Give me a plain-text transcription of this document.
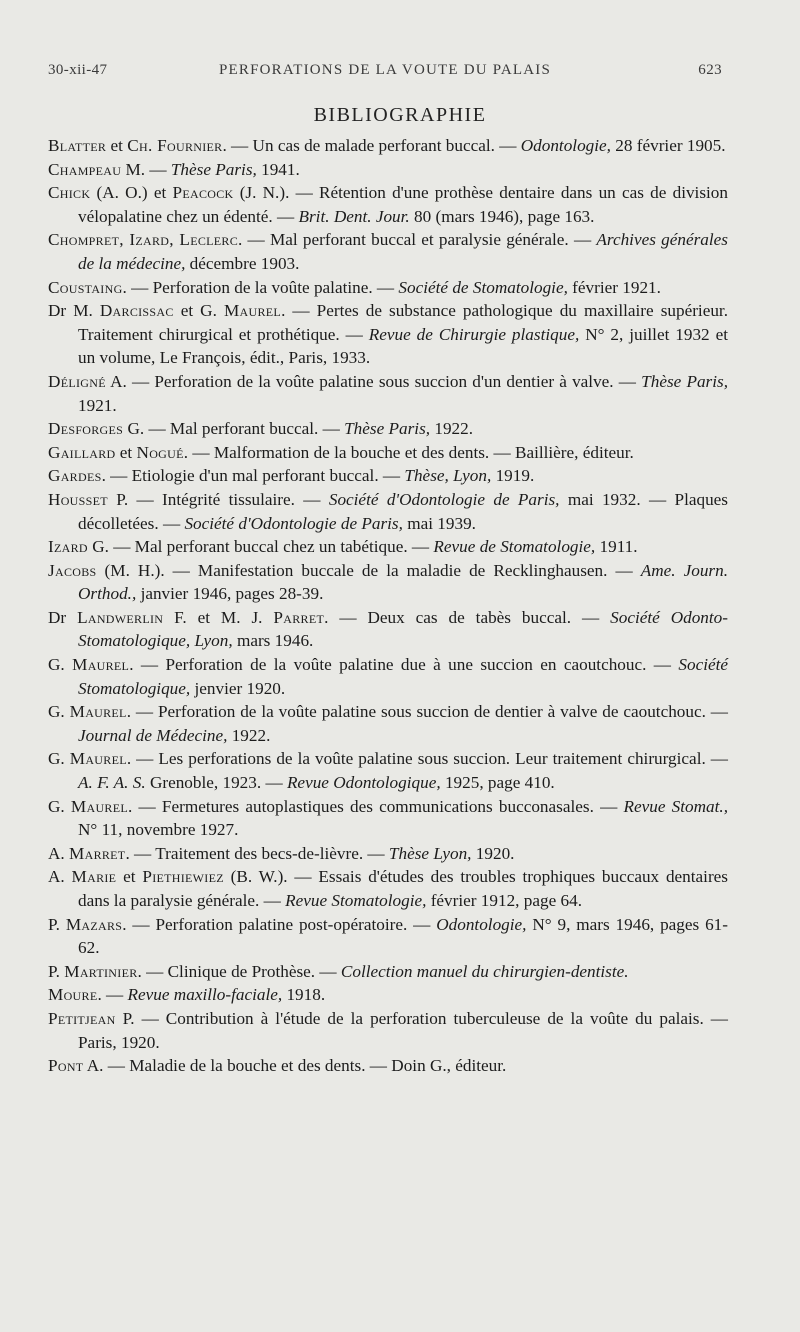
30-xii-47	PERFORATIONS DE LA VOUTE DU PALAIS	623
BIBLIOGRAPHIE

Blatter et Ch. Fournier. — Un cas de malade perforant buccal. — Odontologie, 28 février 1905.

Champeau M. — Thèse Paris, 1941.

Chick (A. O.) et Peacock (J. N.). — Rétention d'une prothèse dentaire dans un cas de division vélopalatine chez un édenté. — Brit. Dent. Jour. 80 (mars 1946), page 163.

Chompret, Izard, Leclerc. — Mal perforant buccal et paralysie générale. — Archives générales de la médecine, décembre 1903.

Coustaing. — Perforation de la voûte palatine. — Société de Stomatologie, février 1921.

Dr M. Darcissac et G. Maurel. — Pertes de substance pathologique du maxillaire supérieur. Traitement chirurgical et prothétique. — Revue de Chirurgie plastique, N° 2, juillet 1932 et un volume, Le François, édit., Paris, 1933.

Déligné A. — Perforation de la voûte palatine sous succion d'un dentier à valve. — Thèse Paris, 1921.

Desforges G. — Mal perforant buccal. — Thèse Paris, 1922.

Gaillard et Nogué. — Malformation de la bouche et des dents. — Baillière, éditeur.

Gardes. — Etiologie d'un mal perforant buccal. — Thèse, Lyon, 1919.

Housset P. — Intégrité tissulaire. — Société d'Odontologie de Paris, mai 1932. — Plaques décolletées. — Société d'Odontologie de Paris, mai 1939.

Izard G. — Mal perforant buccal chez un tabétique. — Revue de Stomatologie, 1911.

Jacobs (M. H.). — Manifestation buccale de la maladie de Recklinghausen. — Ame. Journ. Orthod., janvier 1946, pages 28-39.

Dr Landwerlin F. et M. J. Parret. — Deux cas de tabès buccal. — Société Odonto-Stomatologique, Lyon, mars 1946.

G. Maurel. — Perforation de la voûte palatine due à une succion en caoutchouc. — Société Stomatologique, jenvier 1920.

G. Maurel. — Perforation de la voûte palatine sous succion de dentier à valve de caoutchouc. — Journal de Médecine, 1922.

G. Maurel. — Les perforations de la voûte palatine sous succion. Leur traitement chirurgical. — A. F. A. S. Grenoble, 1923. — Revue Odontologique, 1925, page 410.

G. Maurel. — Fermetures autoplastiques des communications bucconasales. — Revue Stomat., N° 11, novembre 1927.

A. Marret. — Traitement des becs-de-lièvre. — Thèse Lyon, 1920.

A. Marie et Piethiewiez (B. W.). — Essais d'études des troubles trophiques buccaux dentaires dans la paralysie générale. — Revue Stomatologie, février 1912, page 64.

P. Mazars. — Perforation palatine post-opératoire. — Odontologie, N° 9, mars 1946, pages 61-62.

P. Martinier. — Clinique de Prothèse. — Collection manuel du chirurgien-dentiste.

Moure. — Revue maxillo-faciale, 1918.

Petitjean P. — Contribution à l'étude de la perforation tuberculeuse de la voûte du palais. — Paris, 1920.

Pont A. — Maladie de la bouche et des dents. — Doin G., éditeur.
